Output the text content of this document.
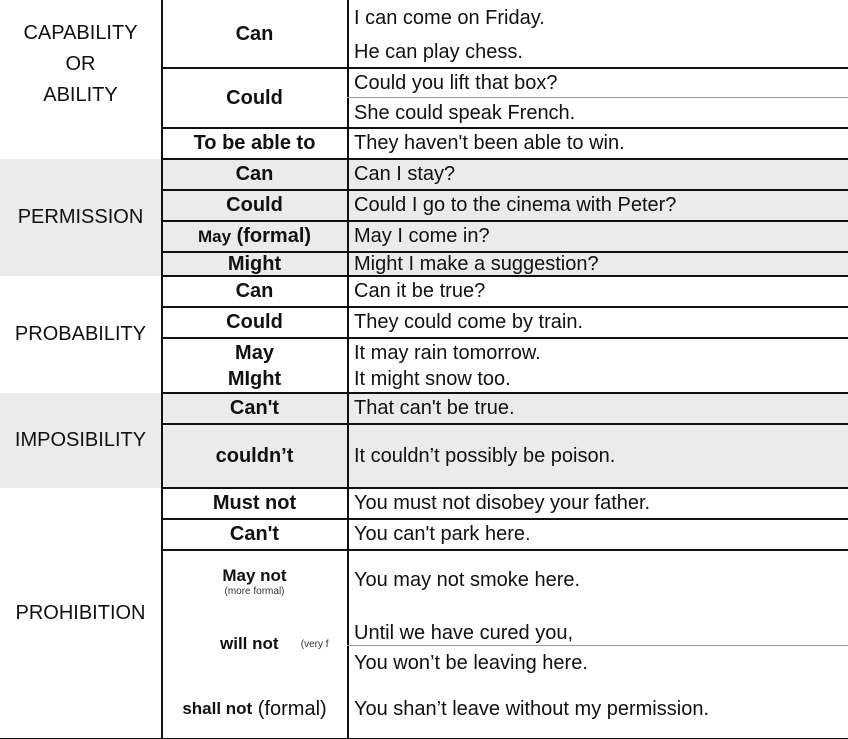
CAPABILITY
OR
ABILITY
PERMISSION
PROBABILITY
IMPOSIBILITY
PROHIBITION
Can
Could
To be able to
Can
Could
May
(formal)
Might
Can
Could
May
MIght
Can't
couldn’t
Must not
Can't
May not
(more formal)
will not
(very f
shall not
(formal)
I can come on Friday.
He can play chess.
Could you lift that box?
She could speak French.
They haven't been able to win.
Can I stay?
Could I go to the cinema with Peter?
May I come in?
Might I make a suggestion?
Can it be true?
They could come by train.
It may rain tomorrow.
It might snow too.
That can't be true.
It couldn’t possibly be poison.
You must not disobey your father.
You can't park here.
You may not smoke here.
Until we have cured you,
You won’t be leaving here.
You shan’t leave without my permission.
